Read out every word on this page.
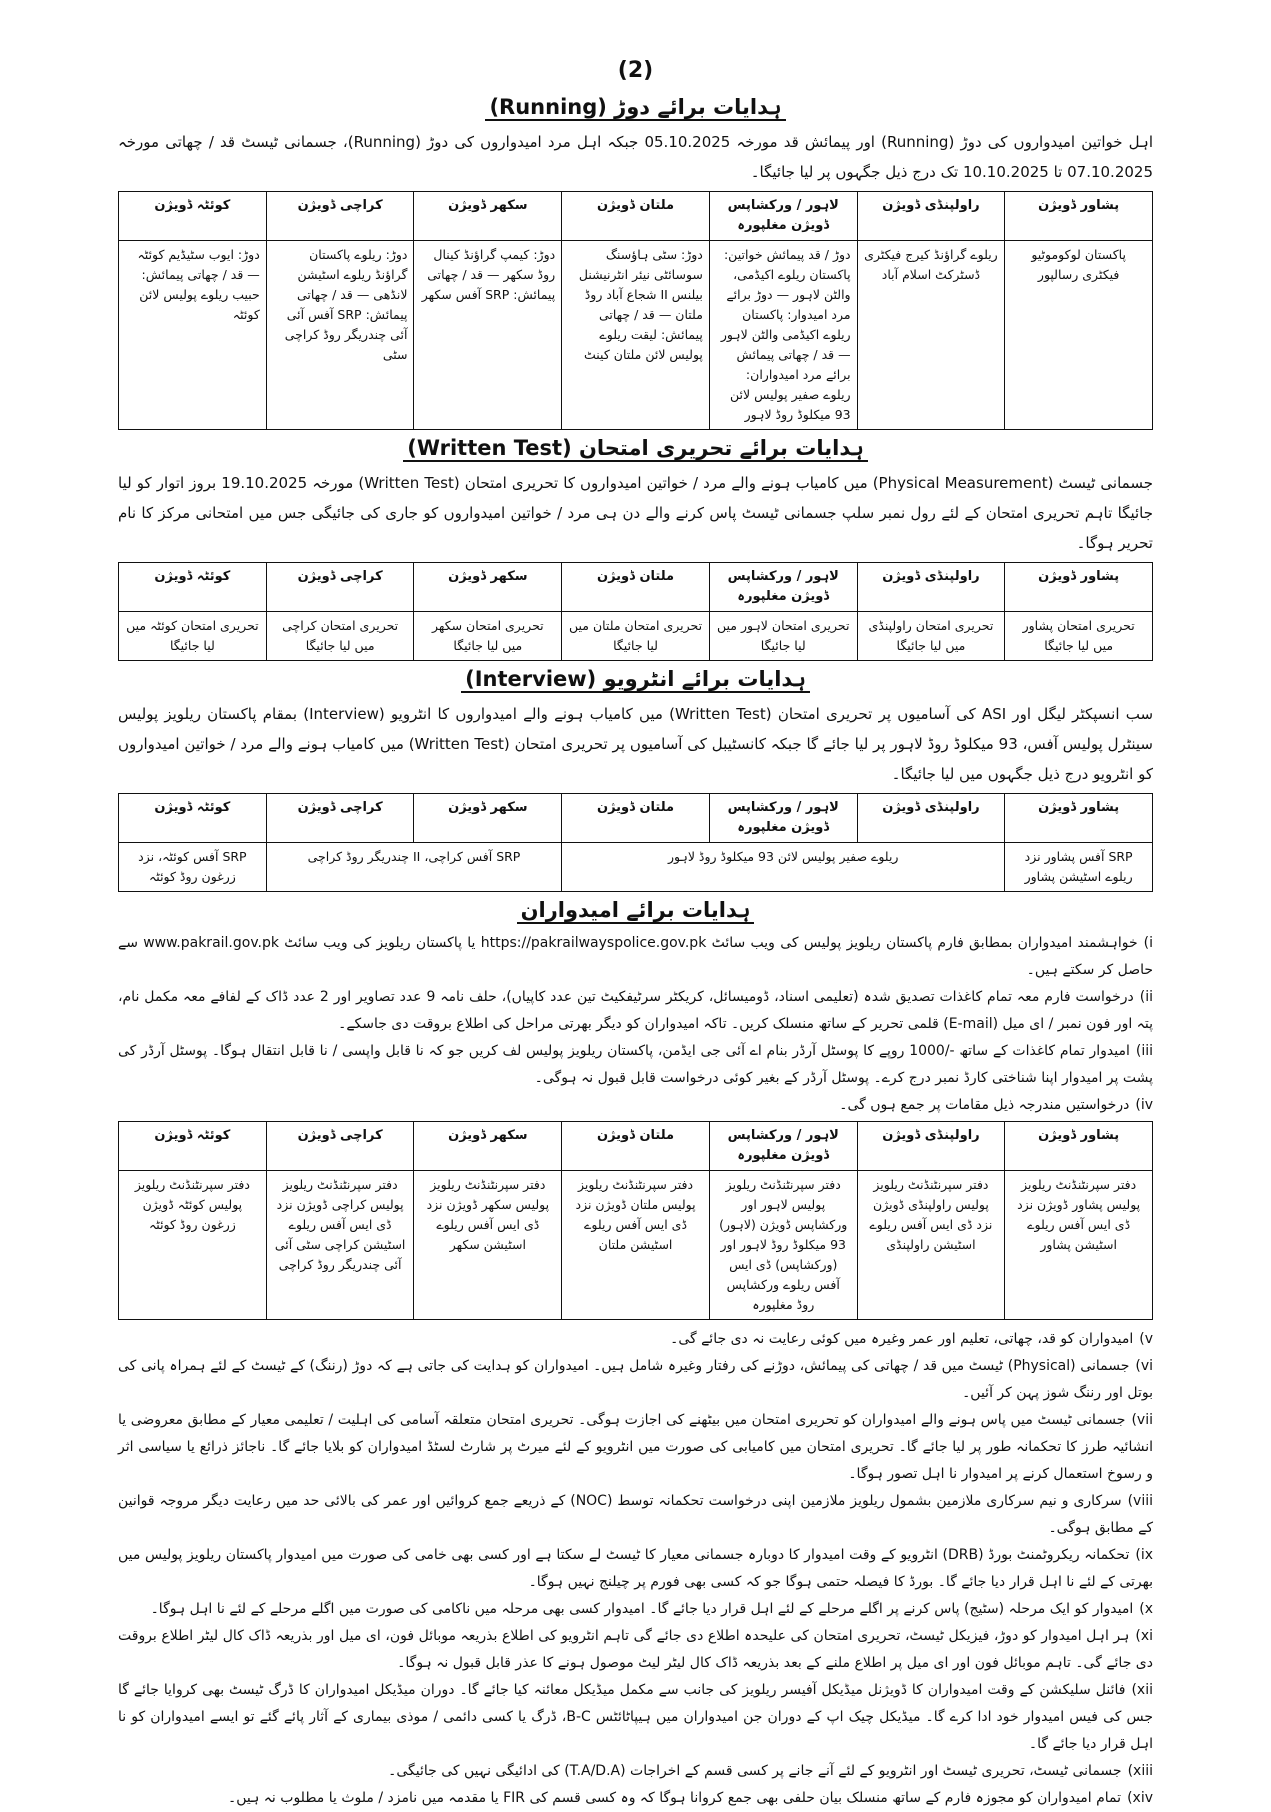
(2)
ہدایات برائے دوڑ (Running)

اہل خواتین امیدواروں کی دوڑ (Running) اور پیمائش قد مورخہ 05.10.2025 جبکہ اہل مرد امیدواروں کی دوڑ (Running)، جسمانی ٹیسٹ قد / چھاتی مورخہ 07.10.2025 تا 10.10.2025 تک درج ذیل جگہوں پر لیا جائیگا۔

پشاور ڈویژن	راولپنڈی ڈویژن	لاہور / ورکشاپس ڈویژن مغلپورہ	ملتان ڈویژن	سکھر ڈویژن	کراچی ڈویژن	کوئٹہ ڈویژن
پاکستان لوکوموٹیو فیکٹری رسالپور	ریلوے گراؤنڈ کیرج فیکٹری ڈسٹرکٹ اسلام آباد	دوڑ / قد پیمائش خواتین: پاکستان ریلوے اکیڈمی، والٹن لاہور — دوڑ برائے مرد امیدوار: پاکستان ریلوے اکیڈمی والٹن لاہور — قد / چھاتی پیمائش برائے مرد امیدواران: ریلوے صفیر پولیس لائن 93 میکلوڈ روڈ لاہور	دوڑ: سٹی ہاؤسنگ سوسائٹی نیئر انٹرنیشنل بیلنس II شجاع آباد روڈ ملتان — قد / چھاتی پیمائش: لیقت ریلوے پولیس لائن ملتان کینٹ	دوڑ: کیمپ گراؤنڈ کینال روڈ سکھر — قد / چھاتی پیمائش: SRP آفس سکھر	دوڑ: ریلوے پاکستان گراؤنڈ ریلوے اسٹیشن لانڈھی — قد / چھاتی پیمائش: SRP آفس آئی آئی چندریگر روڈ کراچی سٹی	دوڑ: ایوب سٹیڈیم کوئٹہ — قد / چھاتی پیمائش: حبیب ریلوے پولیس لائن کوئٹہ
ہدایات برائے تحریری امتحان (Written Test)

جسمانی ٹیسٹ (Physical Measurement) میں کامیاب ہونے والے مرد / خواتین امیدواروں کا تحریری امتحان (Written Test) مورخہ 19.10.2025 بروز اتوار کو لیا جائیگا تاہم تحریری امتحان کے لئے رول نمبر سلپ جسمانی ٹیسٹ پاس کرنے والے دن ہی مرد / خواتین امیدواروں کو جاری کی جائیگی جس میں امتحانی مرکز کا نام تحریر ہوگا۔

پشاور ڈویژن	راولپنڈی ڈویژن	لاہور / ورکشاپس ڈویژن مغلپورہ	ملتان ڈویژن	سکھر ڈویژن	کراچی ڈویژن	کوئٹہ ڈویژن
تحریری امتحان پشاور میں لیا جائیگا	تحریری امتحان راولپنڈی میں لیا جائیگا	تحریری امتحان لاہور میں لیا جائیگا	تحریری امتحان ملتان میں لیا جائیگا	تحریری امتحان سکھر میں لیا جائیگا	تحریری امتحان کراچی میں لیا جائیگا	تحریری امتحان کوئٹہ میں لیا جائیگا
ہدایات برائے انٹرویو (Interview)

سب انسپکٹر لیگل اور ASI کی آسامیوں پر تحریری امتحان (Written Test) میں کامیاب ہونے والے امیدواروں کا انٹرویو (Interview) بمقام پاکستان ریلویز پولیس سینٹرل پولیس آفس، 93 میکلوڈ روڈ لاہور پر لیا جائے گا جبکہ کانسٹیبل کی آسامیوں پر تحریری امتحان (Written Test) میں کامیاب ہونے والے مرد / خواتین امیدواروں کو انٹرویو درج ذیل جگہوں میں لیا جائیگا۔

پشاور ڈویژن	راولپنڈی ڈویژن	لاہور / ورکشاپس ڈویژن مغلپورہ	ملتان ڈویژن	سکھر ڈویژن	کراچی ڈویژن	کوئٹہ ڈویژن
SRP آفس پشاور نزد ریلوے اسٹیشن پشاور	ریلوے صفیر پولیس لائن 93 میکلوڈ روڈ لاہور			SRP آفس کراچی، II چندریگر روڈ کراچی		SRP آفس کوئٹہ، نزد زرغون روڈ کوئٹہ
ہدایات برائے امیدواران

i)خواہشمند امیدواران بمطابق فارم پاکستان ریلویز پولیس کی ویب سائٹ https://pakrailwayspolice.gov.pk یا پاکستان ریلویز کی ویب سائٹ www.pakrail.gov.pk سے حاصل کر سکتے ہیں۔

ii)درخواست فارم معہ تمام کاغذات تصدیق شدہ (تعلیمی اسناد، ڈومیسائل، کریکٹر سرٹیفکیٹ تین عدد کاپیاں)، حلف نامہ 9 عدد تصاویر اور 2 عدد ڈاک کے لفافے معہ مکمل نام، پتہ اور فون نمبر / ای میل (E-mail) قلمی تحریر کے ساتھ منسلک کریں۔ تاکہ امیدواران کو دیگر بھرتی مراحل کی اطلاع بروقت دی جاسکے۔

iii)امیدوار تمام کاغذات کے ساتھ -/1000 روپے کا پوسٹل آرڈر بنام اے آئی جی ایڈمن، پاکستان ریلویز پولیس لف کریں جو کہ نا قابل واپسی / نا قابل انتقال ہوگا۔ پوسٹل آرڈر کی پشت پر امیدوار اپنا شناختی کارڈ نمبر درج کرے۔ پوسٹل آرڈر کے بغیر کوئی درخواست قابل قبول نہ ہوگی۔

iv)درخواستیں مندرجہ ذیل مقامات پر جمع ہوں گی۔

پشاور ڈویژن	راولپنڈی ڈویژن	لاہور / ورکشاپس ڈویژن مغلپورہ	ملتان ڈویژن	سکھر ڈویژن	کراچی ڈویژن	کوئٹہ ڈویژن
دفتر سپرنٹنڈنٹ ریلویز پولیس پشاور ڈویژن نزد ڈی ایس آفس ریلوے اسٹیشن پشاور	دفتر سپرنٹنڈنٹ ریلویز پولیس راولپنڈی ڈویژن نزد ڈی ایس آفس ریلوے اسٹیشن راولپنڈی	دفتر سپرنٹنڈنٹ ریلویز پولیس لاہور اور ورکشاپس ڈویژن (لاہور) 93 میکلوڈ روڈ لاہور اور (ورکشاپس) ڈی ایس آفس ریلوے ورکشاپس روڈ مغلپورہ	دفتر سپرنٹنڈنٹ ریلویز پولیس ملتان ڈویژن نزد ڈی ایس آفس ریلوے اسٹیشن ملتان	دفتر سپرنٹنڈنٹ ریلویز پولیس سکھر ڈویژن نزد ڈی ایس آفس ریلوے اسٹیشن سکھر	دفتر سپرنٹنڈنٹ ریلویز پولیس کراچی ڈویژن نزد ڈی ایس آفس ریلوے اسٹیشن کراچی سٹی آئی آئی چندریگر روڈ کراچی	دفتر سپرنٹنڈنٹ ریلویز پولیس کوئٹہ ڈویژن زرغون روڈ کوئٹہ

v)امیدواران کو قد، چھاتی، تعلیم اور عمر وغیرہ میں کوئی رعایت نہ دی جائے گی۔

vi)جسمانی (Physical) ٹیسٹ میں قد / چھاتی کی پیمائش، دوڑنے کی رفتار وغیرہ شامل ہیں۔ امیدواران کو ہدایت کی جاتی ہے کہ دوڑ (رننگ) کے ٹیسٹ کے لئے ہمراہ پانی کی بوتل اور رننگ شوز پہن کر آئیں۔

vii)جسمانی ٹیسٹ میں پاس ہونے والے امیدواران کو تحریری امتحان میں بیٹھنے کی اجازت ہوگی۔ تحریری امتحان متعلقہ آسامی کی اہلیت / تعلیمی معیار کے مطابق معروضی یا انشائیہ طرز کا تحکمانہ طور پر لیا جائے گا۔ تحریری امتحان میں کامیابی کی صورت میں انٹرویو کے لئے میرٹ پر شارٹ لسٹڈ امیدواران کو بلایا جائے گا۔ ناجائز ذرائع یا سیاسی اثر و رسوخ استعمال کرنے پر امیدوار نا اہل تصور ہوگا۔

viii)سرکاری و نیم سرکاری ملازمین بشمول ریلویز ملازمین اپنی درخواست تحکمانہ توسط (NOC) کے ذریعے جمع کروائیں اور عمر کی بالائی حد میں رعایت دیگر مروجہ قوانین کے مطابق ہوگی۔

ix)تحکمانہ ریکروٹمنٹ بورڈ (DRB) انٹرویو کے وقت امیدوار کا دوبارہ جسمانی معیار کا ٹیسٹ لے سکتا ہے اور کسی بھی خامی کی صورت میں امیدوار پاکستان ریلویز پولیس میں بھرتی کے لئے نا اہل قرار دیا جائے گا۔ بورڈ کا فیصلہ حتمی ہوگا جو کہ کسی بھی فورم پر چیلنج نہیں ہوگا۔

x)امیدوار کو ایک مرحلہ (سٹیج) پاس کرنے پر اگلے مرحلے کے لئے اہل قرار دیا جائے گا۔ امیدوار کسی بھی مرحلہ میں ناکامی کی صورت میں اگلے مرحلے کے لئے نا اہل ہوگا۔

xi)ہر اہل امیدوار کو دوڑ، فیزیکل ٹیسٹ، تحریری امتحان کی علیحدہ اطلاع دی جائے گی تاہم انٹرویو کی اطلاع بذریعہ موبائل فون، ای میل اور بذریعہ ڈاک کال لیٹر اطلاع بروقت دی جائے گی۔ تاہم موبائل فون اور ای میل پر اطلاع ملنے کے بعد بذریعہ ڈاک کال لیٹر لیٹ موصول ہونے کا عذر قابل قبول نہ ہوگا۔

xii)فائنل سلیکشن کے وقت امیدواران کا ڈویژنل میڈیکل آفیسر ریلویز کی جانب سے مکمل میڈیکل معائنہ کیا جائے گا۔ دوران میڈیکل امیدواران کا ڈرگ ٹیسٹ بھی کروایا جائے گا جس کی فیس امیدوار خود ادا کرے گا۔ میڈیکل چیک اپ کے دوران جن امیدواران میں ہیپاٹائٹس B-C، ڈرگ یا کسی دائمی / موذی بیماری کے آثار پائے گئے تو ایسے امیدواران کو نا اہل قرار دیا جائے گا۔

xiii)جسمانی ٹیسٹ، تحریری ٹیسٹ اور انٹرویو کے لئے آنے جانے پر کسی قسم کے اخراجات (T.A/D.A) کی ادائیگی نہیں کی جائیگی۔

xiv)تمام امیدواران کو مجوزہ فارم کے ساتھ منسلک بیان حلفی بھی جمع کروانا ہوگا کہ وہ کسی قسم کی FIR یا مقدمہ میں نامزد / ملوث یا مطلوب نہ ہیں۔
